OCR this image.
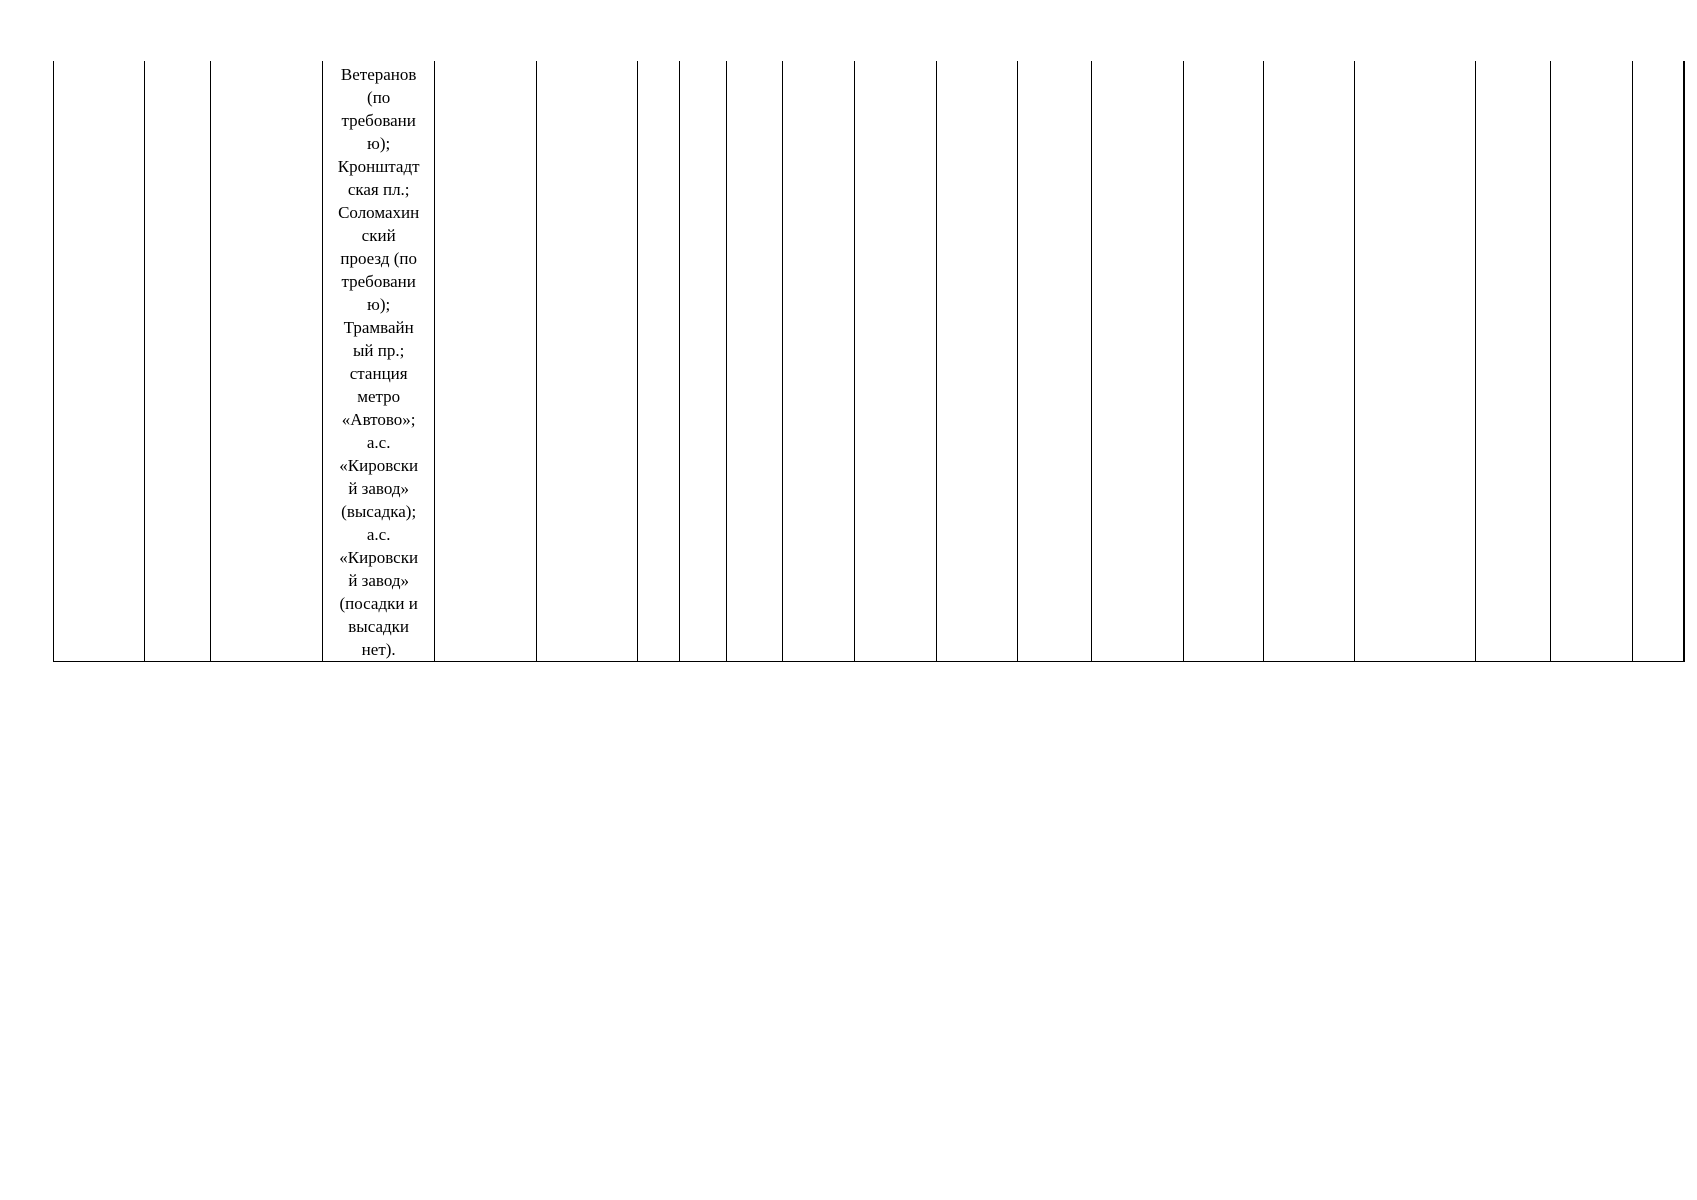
Ветеранов
(по
требовани
ю);
Кронштадт
ская пл.;
Соломахин
ский
проезд (по
требовани
ю);
Трамвайн
ый пр.;
станция
метро
«Автово»;
а.с.
«Кировски
й завод»
(высадка);
а.с.
«Кировски
й завод»
(посадки и
высадки
нет).
